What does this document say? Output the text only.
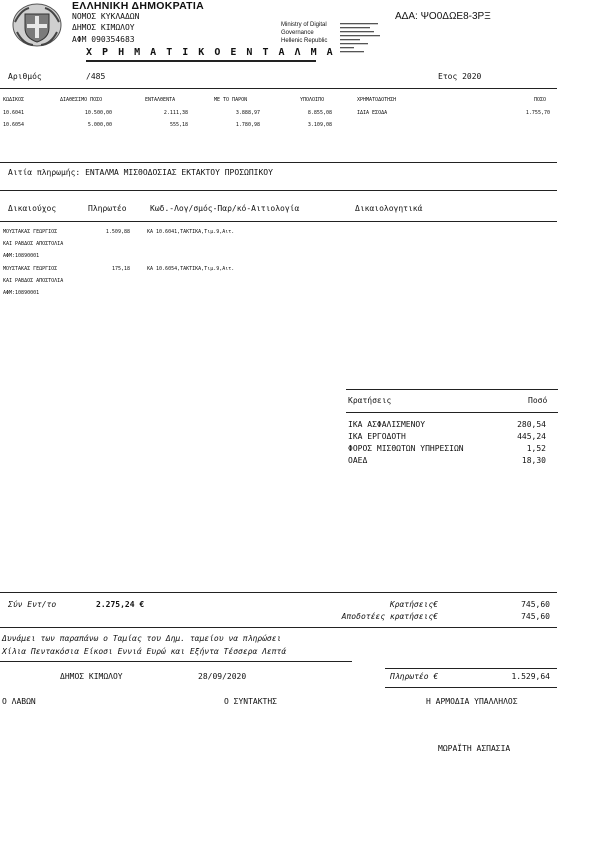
ΕΛΛΗΝΙΚΗ ΔΗΜΟΚΡΑΤΙΑ
ΝΟΜΟΣ ΚΥΚΛΑΔΩΝ
ΔΗΜΟΣ ΚΙΜΩΛΟΥ
ΑΦΜ 090354683
Χ Ρ Η Μ Α Τ Ι Κ Ο Ε Ν Τ Α Λ Μ Α
Ministry of Digital
Governance
Hellenic Republic
ΑΔΑ: ΨΟ0ΔΩΕ8-3ΡΞ
Αριθμός	/485	Ετος 2020
ΚΩΔΙΚΟΣ	ΔΙΑΘΕΣΙΜΟ ΠΟΣΟ	ΕΝΤΑΛΘΕΝΤΑ	ΜΕ ΤΟ ΠΑΡΟΝ	ΥΠΟΛΟΙΠΟ	ΧΡΗΜΑΤΟΔΟΤΗΣΗ	ΠΟΣΟ
10.6041	10.500,00	2.111,38	3.888,97	8.855,08	ΙΔΙΑ ΕΣΟΔΑ	1.755,70
10.6054	5.000,00	555,18	1.780,98	3.109,08
Αιτία πληρωμής: ΕΝΤΑΛΜΑ ΜΙΣΘΟΔΟΣΙΑΣ ΕΚΤΑΚΤΟΥ ΠΡΟΣΩΠΙΚΟΥ
Δικαιούχος	Πληρωτέο	Κωδ.-Λογ/σμός-Παρ/κό-Αιτιολογία	Δικαιολογητικά
ΜΟΥΣΤΑΚΑΣ ΓΕΩΡΓΙΟΣ	1.509,88	ΚΑ 10.6041,ΤΑΚΤΙΚΑ,Τιμ.9,Αιτ.
ΚΑΙ ΡΑΒΔΟΣ ΑΠΟΣΤΟΛΙΑ
ΑΦΜ:10890001
ΜΟΥΣΤΑΚΑΣ ΓΕΩΡΓΙΟΣ	175,18	ΚΑ 10.6054,ΤΑΚΤΙΚΑ,Τιμ.9,Αιτ.
ΚΑΙ ΡΑΒΔΟΣ ΑΠΟΣΤΟΛΙΑ
ΑΦΜ:10890001
Κρατήσεις	Ποσό
ΙΚΑ ΑΣΦΑΛΙΣΜΕΝΟΥ	280,54
ΙΚΑ ΕΡΓΟΔΟΤΗ	445,24
ΦΟΡΟΣ ΜΙΣΘΩΤΩΝ ΥΠΗΡΕΣΙΩΝ	1,52
ΟΑΕΔ	18,30
Σύν Εντ/το	2.275,24 €	Κρατήσεις€	745,60
Αποδοτέες κρατήσεις€	745,60
Δυνάμει των παραπάνω ο Ταμίας του Δημ. ταμείου να πληρώσει
Χίλια Πεντακόσια Είκοσι Εννιά Ευρώ και Εξήντα Τέσσερα Λεπτά
ΔΗΜΟΣ ΚΙΜΩΛΟΥ	28/09/2020	Πληρωτέο €	1.529,64
Ο ΛΑΒΩΝ	Ο ΣΥΝΤΑΚΤΗΣ	Η ΑΡΜΟΔΙΑ ΥΠΑΛΛΗΛΟΣ
ΜΩΡΑΪΤΗ ΑΣΠΑΣΙΑ
